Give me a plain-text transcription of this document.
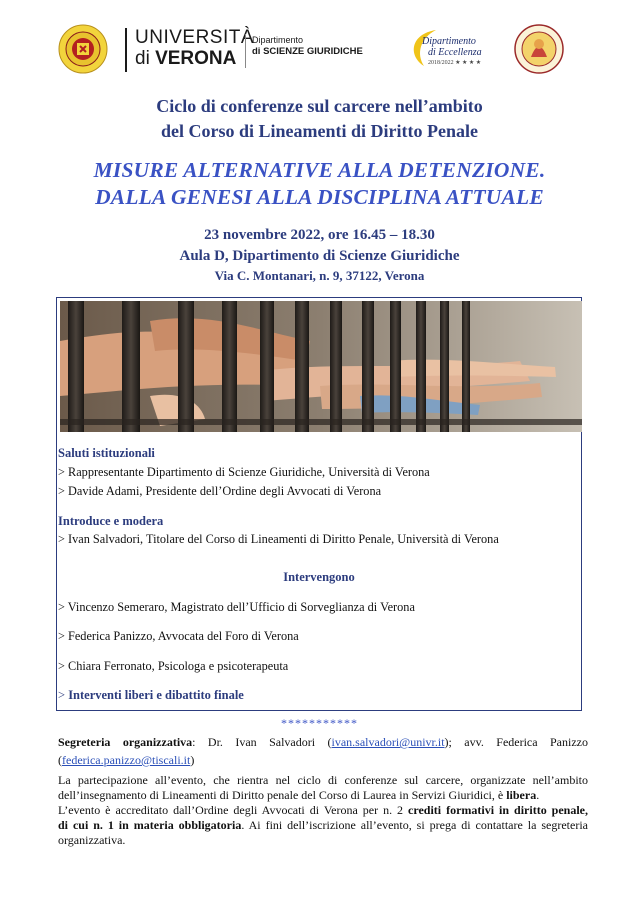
UNIVERSITÀ
di VERONA
Dipartimento
di SCIENZE GIURIDICHE
Dipartimento
di Eccellenza
2018/2022 ★ ★ ★ ★
Ciclo di conferenze sul carcere nell’ambito
del Corso di Lineamenti di Diritto Penale
MISURE ALTERNATIVE ALLA DETENZIONE.
DALLA GENESI ALLA DISCIPLINA ATTUALE
23 novembre 2022, ore 16.45 – 18.30
Aula D, Dipartimento di Scienze Giuridiche
Via C. Montanari, n. 9, 37122, Verona
Saluti istituzionali
> Rappresentante Dipartimento di Scienze Giuridiche, Università di Verona
> Davide Adami, Presidente dell’Ordine degli Avvocati di Verona
Introduce e modera
> Ivan Salvadori, Titolare del Corso di Lineamenti di Diritto Penale, Università di Verona
Intervengono
> Vincenzo Semeraro, Magistrato dell’Ufficio di Sorveglianza di Verona
> Federica Panizzo, Avvocata del Foro di Verona
> Chiara Ferronato, Psicologa e psicoterapeuta
> Interventi liberi e dibattito finale
***********
Segreteria organizzativa: Dr. Ivan Salvadori (ivan.salvadori@univr.it); avv. Federica Panizzo
(federica.panizzo@tiscali.it)
La partecipazione all’evento, che rientra nel ciclo di conferenze sul carcere, organizzate nell’ambito
dell’insegnamento di Lineamenti di Diritto penale del Corso di Laurea in Servizi Giuridici, è libera.
L’evento è accreditato dall’Ordine degli Avvocati di Verona per n. 2 crediti formativi in diritto penale,
di cui n. 1 in materia obbligatoria. Ai fini dell’iscrizione all’evento, si prega di contattare la segreteria
organizzativa.
